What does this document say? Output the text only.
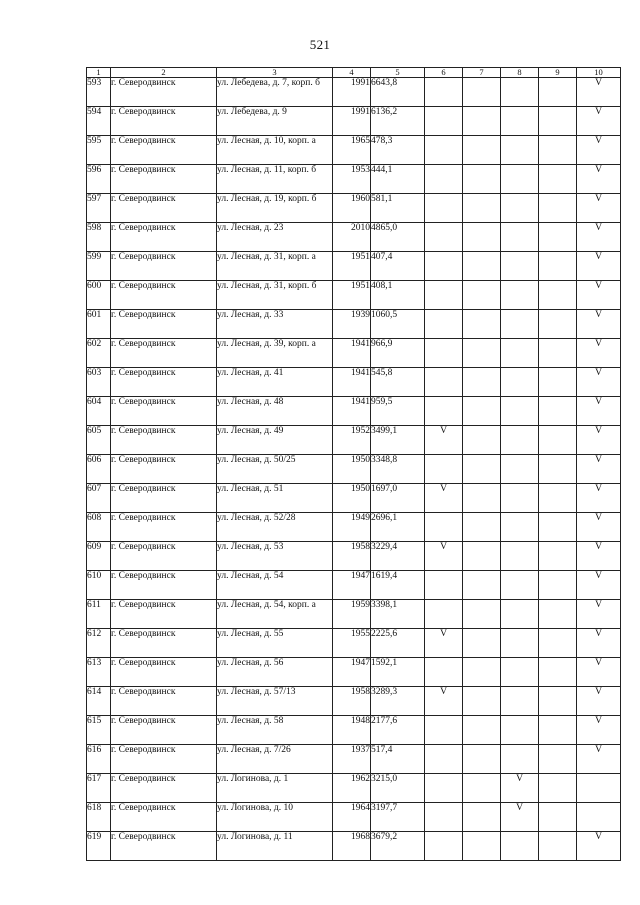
521
1	2	3	4	5	6	7	8	9	10
593	г. Северодвинск	ул. Лебедева, д. 7, корп. б	1991	6643,8					V
594	г. Северодвинск	ул. Лебедева, д. 9	1991	6136,2					V
595	г. Северодвинск	ул. Лесная, д. 10, корп. а	1965	478,3					V
596	г. Северодвинск	ул. Лесная, д. 11, корп. б	1953	444,1					V
597	г. Северодвинск	ул. Лесная, д. 19, корп. б	1960	581,1					V
598	г. Северодвинск	ул. Лесная, д. 23	2010	4865,0					V
599	г. Северодвинск	ул. Лесная, д. 31, корп. а	1951	407,4					V
600	г. Северодвинск	ул. Лесная, д. 31, корп. б	1951	408,1					V
601	г. Северодвинск	ул. Лесная, д. 33	1939	1060,5					V
602	г. Северодвинск	ул. Лесная, д. 39, корп. а	1941	966,9					V
603	г. Северодвинск	ул. Лесная, д. 41	1941	545,8					V
604	г. Северодвинск	ул. Лесная, д. 48	1941	959,5					V
605	г. Северодвинск	ул. Лесная, д. 49	1952	3499,1	V				V
606	г. Северодвинск	ул. Лесная, д. 50/25	1950	3348,8					V
607	г. Северодвинск	ул. Лесная, д. 51	1950	1697,0	V				V
608	г. Северодвинск	ул. Лесная, д. 52/28	1949	2696,1					V
609	г. Северодвинск	ул. Лесная, д. 53	1958	3229,4	V				V
610	г. Северодвинск	ул. Лесная, д. 54	1947	1619,4					V
611	г. Северодвинск	ул. Лесная, д. 54, корп. а	1959	3398,1					V
612	г. Северодвинск	ул. Лесная, д. 55	1955	2225,6	V				V
613	г. Северодвинск	ул. Лесная, д. 56	1947	1592,1					V
614	г. Северодвинск	ул. Лесная, д. 57/13	1958	3289,3	V				V
615	г. Северодвинск	ул. Лесная, д. 58	1948	2177,6					V
616	г. Северодвинск	ул. Лесная, д. 7/26	1937	517,4					V
617	г. Северодвинск	ул. Логинова, д. 1	1962	3215,0			V		
618	г. Северодвинск	ул. Логинова, д. 10	1964	3197,7			V		
619	г. Северодвинск	ул. Логинова, д. 11	1968	3679,2					V
